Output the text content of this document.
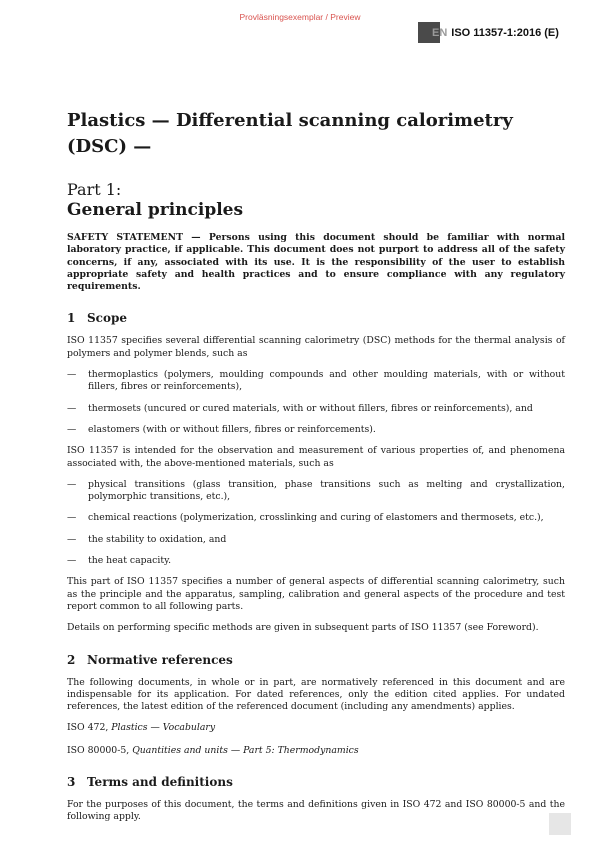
Provläsningsexemplar / Preview
EN ISO 11357-1:2016 (E)
Plastics — Differential scanning calorimetry (DSC) —
Part 1:
General principles
SAFETY STATEMENT — Persons using this document should be familiar with normal laboratory practice, if applicable. This document does not purport to address all of the safety concerns, if any, associated with its use. It is the responsibility of the user to establish appropriate safety and health practices and to ensure compliance with any regulatory requirements.
1 Scope

ISO 11357 specifies several differential scanning calorimetry (DSC) methods for the thermal analysis of polymers and polymer blends, such as

—	thermoplastics (polymers, moulding compounds and other moulding materials, with or without fillers, fibres or reinforcements),
—	thermosets (uncured or cured materials, with or without fillers, fibres or reinforcements), and
—	elastomers (with or without fillers, fibres or reinforcements).

ISO 11357 is intended for the observation and measurement of various properties of, and phenomena associated with, the above-mentioned materials, such as

—	physical transitions (glass transition, phase transitions such as melting and crystallization, polymorphic transitions, etc.),
—	chemical reactions (polymerization, crosslinking and curing of elastomers and thermosets, etc.),
—	the stability to oxidation, and
—	the heat capacity.

This part of ISO 11357 specifies a number of general aspects of differential scanning calorimetry, such as the principle and the apparatus, sampling, calibration and general aspects of the procedure and test report common to all following parts.

Details on performing specific methods are given in subsequent parts of ISO 11357 (see Foreword).

2 Normative references

The following documents, in whole or in part, are normatively referenced in this document and are indispensable for its application. For dated references, only the edition cited applies. For undated references, the latest edition of the referenced document (including any amendments) applies.

ISO 472, Plastics — Vocabulary
ISO 80000-5, Quantities and units — Part 5: Thermodynamics
3 Terms and definitions

For the purposes of this document, the terms and definitions given in ISO 472 and ISO 80000-5 and the following apply.
